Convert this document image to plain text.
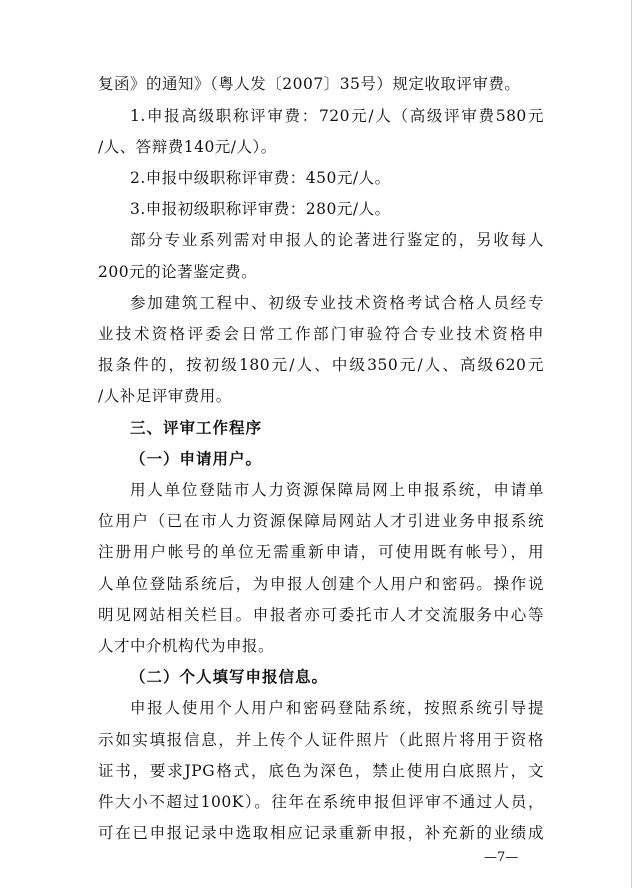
复函》的通知》（粤人发〔2007〕35号）规定收取评审费。
1.申报高级职称评审费：720元/人（高级评审费580元
/人、答辩费140元/人）。
2.申报中级职称评审费：450元/人。
3.申报初级职称评审费：280元/人。
部分专业系列需对申报人的论著进行鉴定的，另收每人
200元的论著鉴定费。
参加建筑工程中、初级专业技术资格考试合格人员经专
业技术资格评委会日常工作部门审验符合专业技术资格申
报条件的，按初级180元/人、中级350元/人、高级620元
/人补足评审费用。
三、评审工作程序
（一）申请用户。
用人单位登陆市人力资源保障局网上申报系统，申请单
位用户（已在市人力资源保障局网站人才引进业务申报系统
注册用户帐号的单位无需重新申请，可使用既有帐号），用
人单位登陆系统后，为申报人创建个人用户和密码。操作说
明见网站相关栏目。申报者亦可委托市人才交流服务中心等
人才中介机构代为申报。
（二）个人填写申报信息。
申报人使用个人用户和密码登陆系统，按照系统引导提
示如实填报信息，并上传个人证件照片（此照片将用于资格
证书，要求JPG格式，底色为深色，禁止使用白底照片，文
件大小不超过100K）。往年在系统申报但评审不通过人员，
可在已申报记录中选取相应记录重新申报，补充新的业绩成
—7—
